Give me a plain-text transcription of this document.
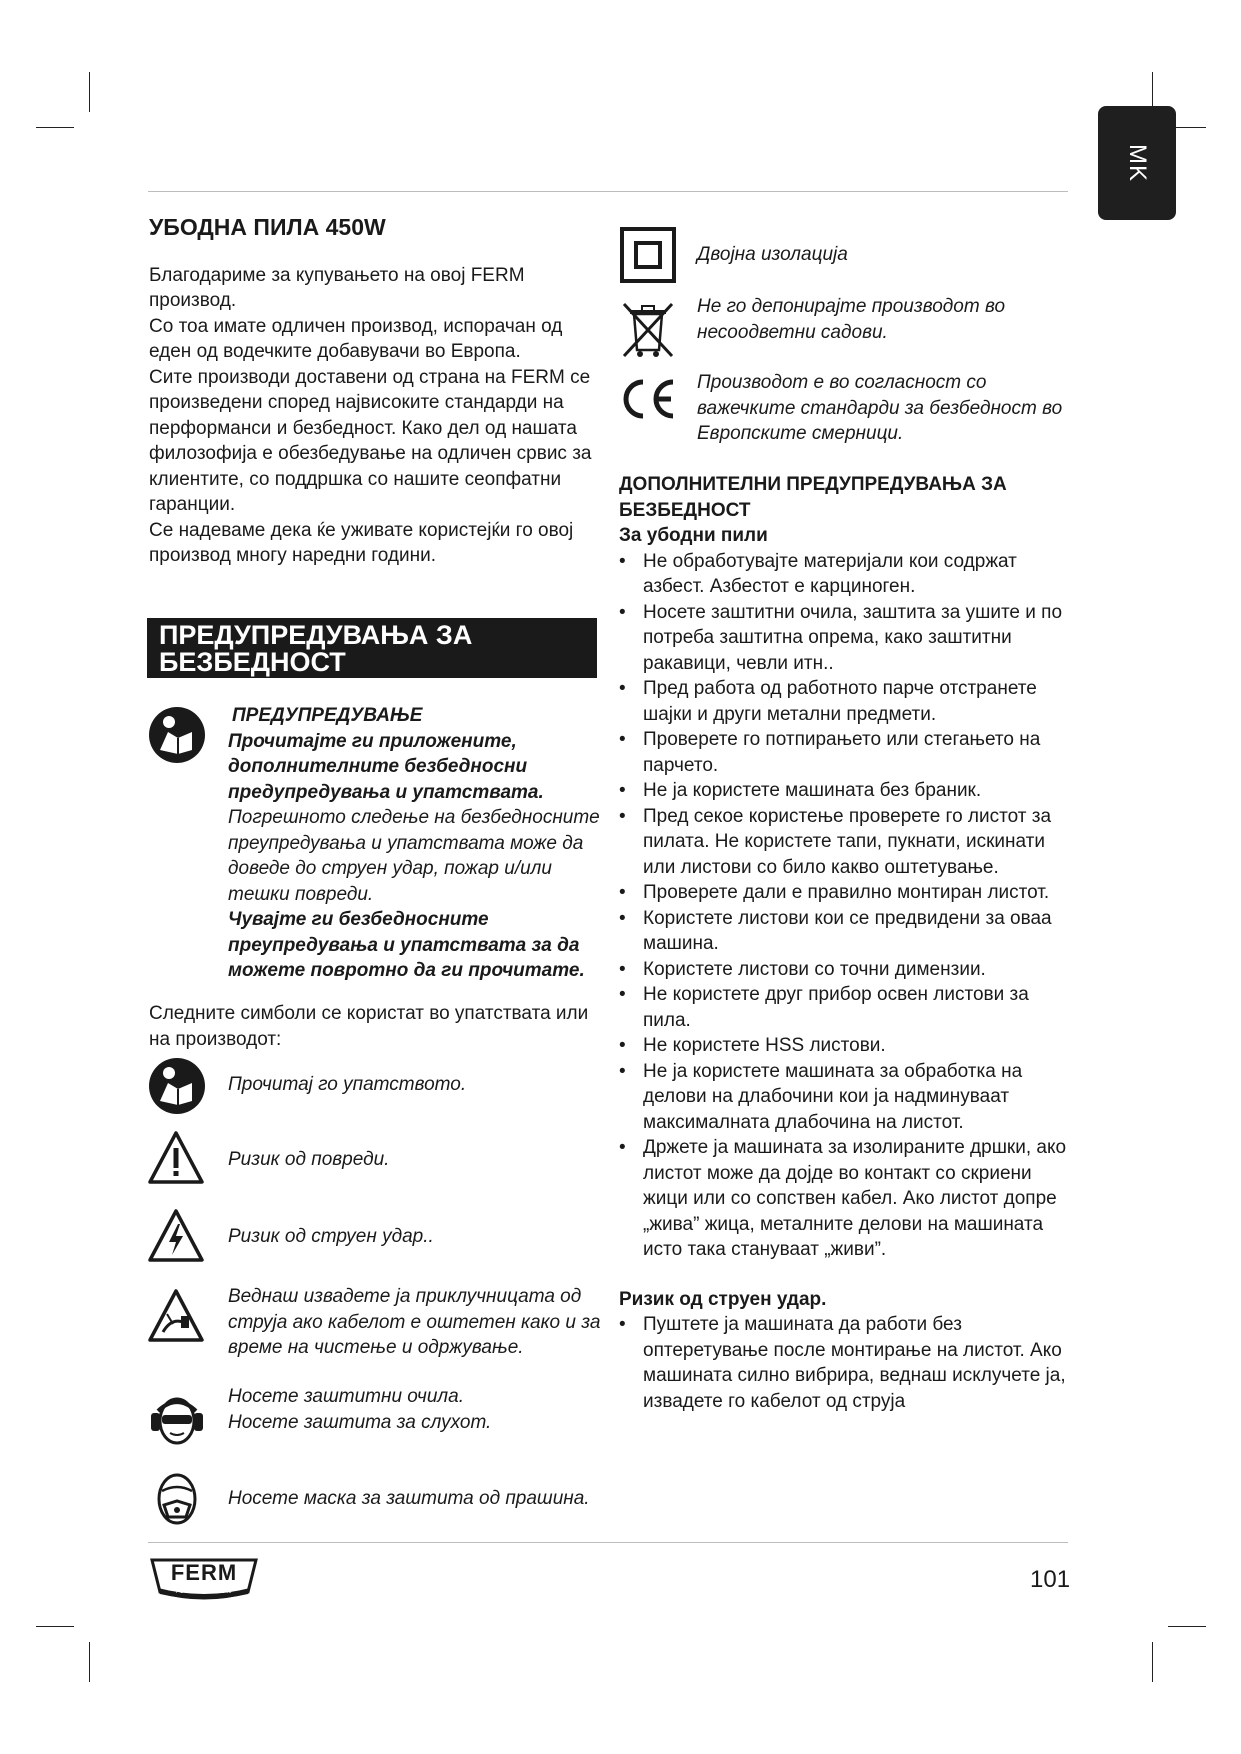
MK

УБОДНА ПИЛА 450W

Благодариме за купувањето на овој FERM производ.

Со тоа имате одличен производ, испорачан од еден од водечките добавувачи во Европа.

Сите производи доставени од страна на FERM се произведени според највисоките стандарди на перформанси и безбедност. Како дел од нашата филозофија е обезбедување на одличен срвис за клиентите, со поддршка со нашите сеопфатни гаранции.

Се надеваме дека ќе уживате користејќи го овој производ многу наредни години.

ПРЕДУПРЕДУВАЊА ЗА
БЕЗБЕДНОСТ
ПРЕДУПРЕДУВАЊЕ
Прочитајте ги приложените, дополнителните безбедносни предупредувања и упатствата.
Погрешното следење на безбедносните преупредувања и упатствата може да доведе до струен удар, пожар и/или тешки повреди.
Чувајте ги безбедносните преупредувања и упатствата за да можете повротно да ги прочитате.

Следните симболи се користат во упатствата или на производот:

Прочитај го упатството.
Ризик од повреди.
Ризик од струен удар..
Веднаш извадете ја приклучницата од струја ако кабелот е оштетен како и за време на чистење и одржување.
Носете заштитни очила.
Носете заштита за слухот.
Носете маска за заштита од прашина.
Двојна изолација
Не го депонирајте производот во несоодветни садови.
Производот е во согласност со важечките стандарди за безбедност во Европските смерници.
ДОПОЛНИТЕЛНИ ПРЕДУПРЕДУВАЊА ЗА БЕЗБЕДНОСТ
За убодни пили
• Не обработувајте материјали кои содржат азбест. Азбестот е карциноген.
• Носете заштитни очила, заштита за ушите и по потреба заштитна опрема, како заштитни ракавици, чевли итн..
• Пред работа од работното парче отстранете шајки и други метални предмети.
• Проверете го потпирањето или стегањето на парчето.
• Не ја користете машината без браник.
• Пред секое користење проверете го листот за пилата. Не користете тапи, пукнати, искинати или листови со било какво оштетување.
• Проверете дали е правилно монтиран листот.
• Користете листови кои се предвидени за оваа машина.
• Користете листови со точни димензии.
• Не користете друг прибор освен листови за пила.
• Не користете HSS листови.
• Не ја користете машината за обработка на делови на длабочини кои ја надминуваат максималната длабочина на листот.
• Држете ја машината за изолираните дршки, ако листот може да дојде во контакт со скриени жици или со сопствен кабел. Ако листот допре „жива” жица, металните делови на машината исто така стануваат „живи”.
Ризик од струен удар.
• Пуштете ја машината да работи без оптеретување после монтирање на листот. Ако машината силно вибрира, веднаш исклучете ја, извадете го кабелот од струја
FERM
POWER SINCE 1949	101
